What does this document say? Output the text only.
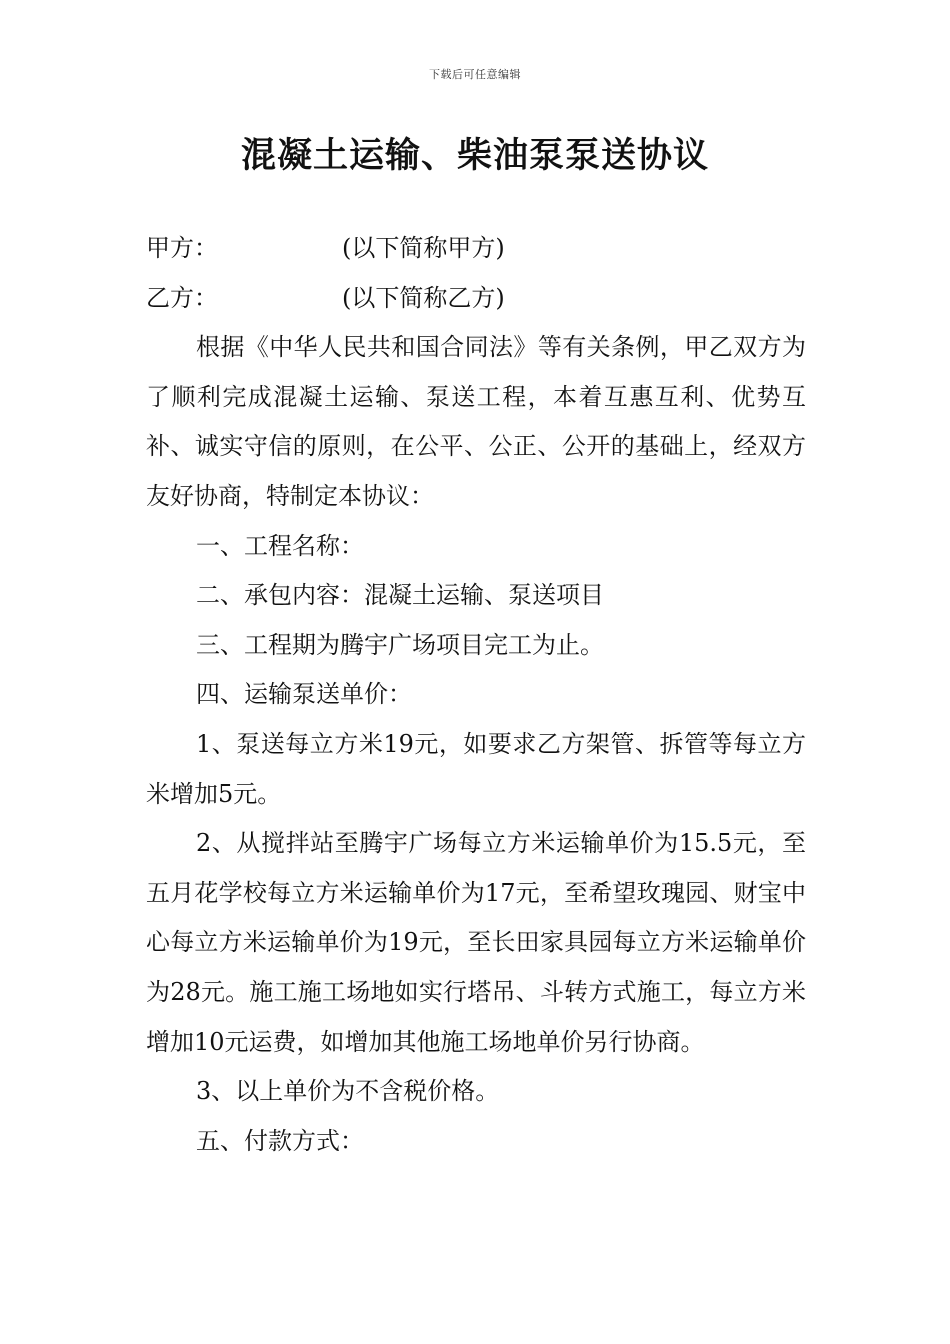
下载后可任意编辑
混凝土运输、柴油泵泵送协议

甲方：	(以下简称甲方)

乙方：	(以下简称乙方)

根据《中华人民共和国合同法》等有关条例，甲乙双方为了顺利完成混凝土运输、泵送工程，本着互惠互利、优势互补、诚实守信的原则，在公平、公正、公开的基础上，经双方友好协商，特制定本协议：

一、工程名称：

二、承包内容：混凝土运输、泵送项目

三、工程期为腾宇广场项目完工为止。

四、运输泵送单价：

1、泵送每立方米19元，如要求乙方架管、拆管等每立方米增加5元。

2、从搅拌站至腾宇广场每立方米运输单价为15.5元，至五月花学校每立方米运输单价为17元，至希望玫瑰园、财宝中心每立方米运输单价为19元，至长田家具园每立方米运输单价为28元。施工施工场地如实行塔吊、斗转方式施工，每立方米增加10元运费，如增加其他施工场地单价另行协商。

3、以上单价为不含税价格。

五、付款方式：
